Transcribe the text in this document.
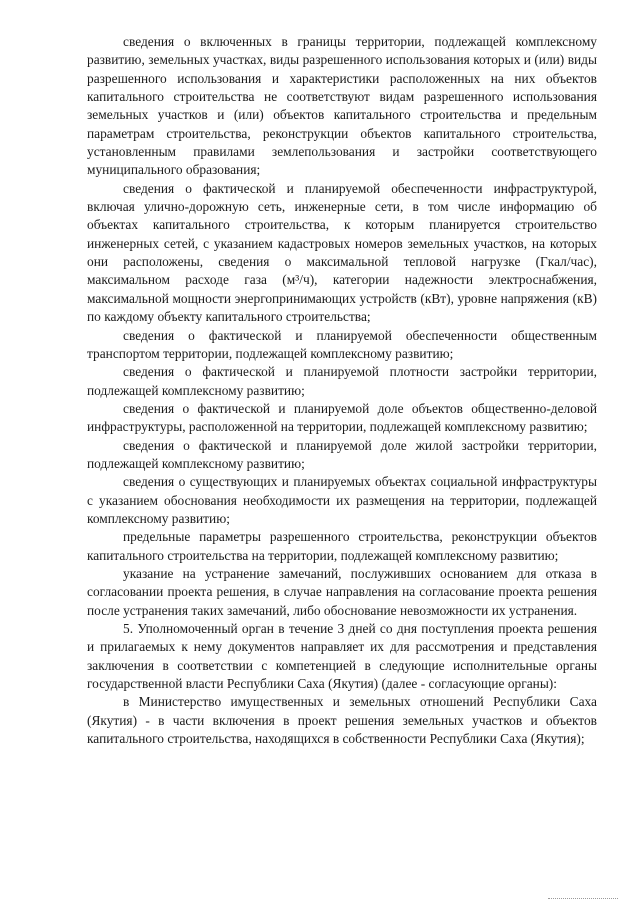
сведения о включенных в границы территории, подлежащей комплексному развитию, земельных участках, виды разрешенного использования которых и (или) виды разрешенного использования и характеристики расположенных на них объектов капитального строительства не соответствуют видам разрешенного использования земельных участков и (или) объектов капитального строительства и предельным параметрам строительства, реконструкции объектов капитального строительства, установленным правилами землепользования и застройки соответствующего муниципального образования;

сведения о фактической и планируемой обеспеченности инфраструктурой, включая улично-дорожную сеть, инженерные сети, в том числе информацию об объектах капитального строительства, к которым планируется строительство инженерных сетей, с указанием кадастровых номеров земельных участков, на которых они расположены, сведения о максимальной тепловой нагрузке (Гкал/час), максимальном расходе газа (м³/ч), категории надежности электроснабжения, максимальной мощности энергопринимающих устройств (кВт), уровне напряжения (кВ) по каждому объекту капитального строительства;

сведения о фактической и планируемой обеспеченности общественным транспортом территории, подлежащей комплексному развитию;

сведения о фактической и планируемой плотности застройки территории, подлежащей комплексному развитию;

сведения о фактической и планируемой доле объектов общественно-деловой инфраструктуры, расположенной на территории, подлежащей комплексному развитию;

сведения о фактической и планируемой доле жилой застройки территории, подлежащей комплексному развитию;

сведения о существующих и планируемых объектах социальной инфраструктуры с указанием обоснования необходимости их размещения на территории, подлежащей комплексному развитию;

предельные параметры разрешенного строительства, реконструкции объектов капитального строительства на территории, подлежащей комплексному развитию;

указание на устранение замечаний, послуживших основанием для отказа в согласовании проекта решения, в случае направления на согласование проекта решения после устранения таких замечаний, либо обоснование невозможности их устранения.

5. Уполномоченный орган в течение 3 дней со дня поступления проекта решения и прилагаемых к нему документов направляет их для рассмотрения и представления заключения в соответствии с компетенцией в следующие исполнительные органы государственной власти Республики Саха (Якутия) (далее - согласующие органы):

в Министерство имущественных и земельных отношений Республики Саха (Якутия) - в части включения в проект решения земельных участков и объектов капитального строительства, находящихся в собственности Республики Саха (Якутия);
